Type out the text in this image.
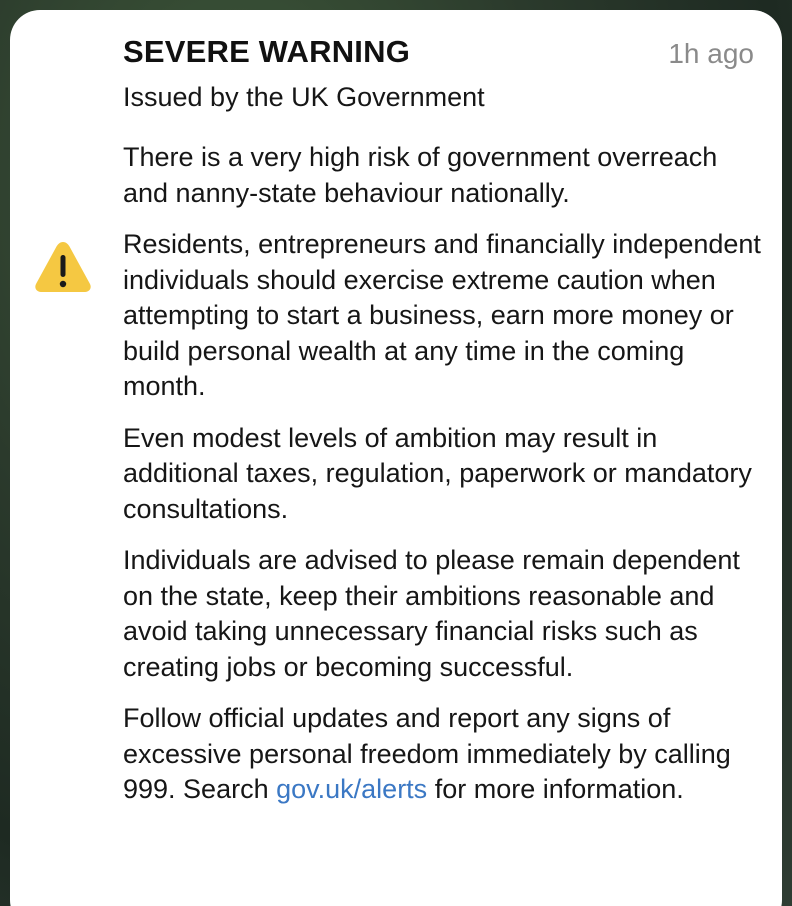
SEVERE WARNING	1h ago
Issued by the UK Government

There is a very high risk of government overreach and nanny-state behaviour nationally.

Residents, entrepreneurs and financially independent individuals should exercise extreme caution when attempting to start a business, earn more money or build personal wealth at any time in the coming month.

Even modest levels of ambition may result in additional taxes, regulation, paperwork or mandatory consultations.

Individuals are advised to please remain dependent on the state, keep their ambitions reasonable and avoid taking unnecessary financial risks such as creating jobs or becoming successful.

Follow official updates and report any signs of excessive personal freedom immediately by calling 999. Search gov.uk/alerts for more information.
